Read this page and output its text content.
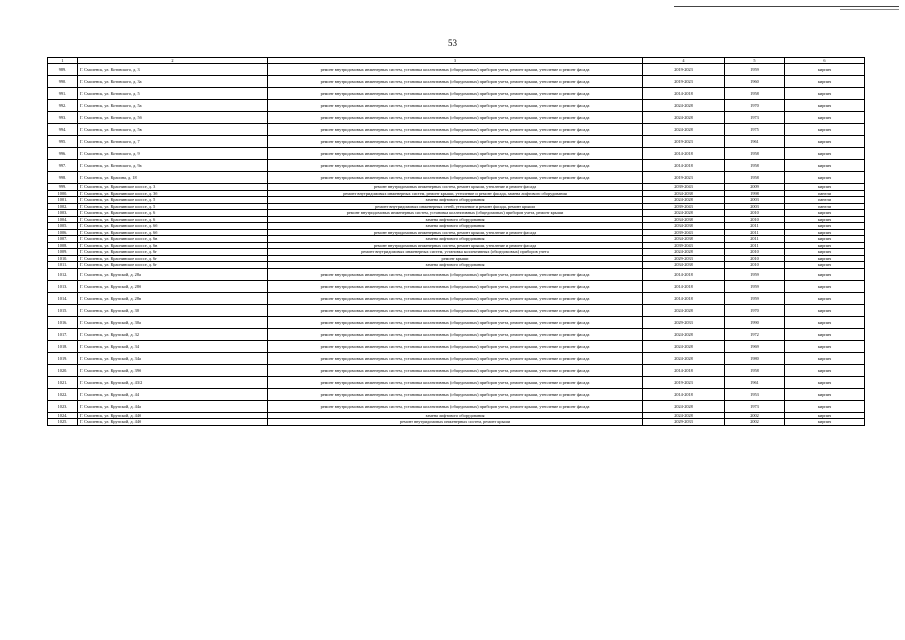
53
1	2	3	4	5	6
989.	Г. Смоленск, ул. Котовского, д. 3	ремонт внутридомовых инженерных систем, установка коллективных (общедомовых) приборов учета, ремонт крыши, утепление и ремонт фасада	2019-2023	1959	кирпич
990.	Г. Смоленск, ул. Котовского, д. 3а	ремонт внутридомовых инженерных систем, установка коллективных (общедомовых) приборов учета, ремонт крыши, утепление и ремонт фасада	2019-2023	1960	кирпич
991.	Г. Смоленск, ул. Котовского, д. 5	ремонт внутридомовых инженерных систем, установка коллективных (общедомовых) приборов учета, ремонт крыши, утепление и ремонт фасада	2014-2018	1958	кирпич
992.	Г. Смоленск, ул. Котовского, д. 5а	ремонт внутридомовых инженерных систем, установка коллективных (общедомовых) приборов учета, ремонт крыши, утепление и ремонт фасада	2024-2028	1970	кирпич
993.	Г. Смоленск, ул. Котовского, д. 5б	ремонт внутридомовых инженерных систем, установка коллективных (общедомовых) приборов учета, ремонт крыши, утепление и ремонт фасада	2024-2028	1973	кирпич
994.	Г. Смоленск, ул. Котовского, д. 5в	ремонт внутридомовых инженерных систем, установка коллективных (общедомовых) приборов учета, ремонт крыши, утепление и ремонт фасада	2024-2028	1975	кирпич
995.	Г. Смоленск, ул. Котовского, д. 7	ремонт внутридомовых инженерных систем, установка коллективных (общедомовых) приборов учета, ремонт крыши, утепление и ремонт фасада	2019-2023	1961	кирпич
996.	Г. Смоленск, ул. Котовского, д. 9	ремонт внутридомовых инженерных систем, установка коллективных (общедомовых) приборов учета, ремонт крыши, утепление и ремонт фасада	2014-2018	1958	кирпич
997.	Г. Смоленск, ул. Котовского, д. 9а	ремонт внутридомовых инженерных систем, установка коллективных (общедомовых) приборов учета, ремонт крыши, утепление и ремонт фасада	2014-2018	1958	кирпич
998.	Г. Смоленск, ул. Красина, д. 18	ремонт внутридомовых инженерных систем, установка коллективных (общедомовых) приборов учета, ремонт крыши, утепление и ремонт фасада	2019-2023	1958	кирпич
999.	Г. Смоленск, ул. Краснинское шоссе, д. 3	ремонт внутридомовых инженерных систем, ремонт крыши, утепление и ремонт фасада	2039-2043	2009	кирпич
1000.	Г. Смоленск, ул. Краснинское шоссе, д. 3б	ремонт внутридомовых инженерных систем, ремонт крыши, утепление и ремонт фасада, замена лифтового оборудования	2034-2038	1998	панели
1001.	Г. Смоленск, ул. Краснинское шоссе, д. 5	замена лифтового оборудования	2024-2028	2003	панели
1002.	Г. Смоленск, ул. Краснинское шоссе, д. 5	ремонт внутридомовых инженерных сетей, утепление и ремонт фасада, ремонт крыши	2039-2043	2003	панели
1003.	Г. Смоленск, ул. Краснинское шоссе, д. 6	ремонт внутридомовых инженерных систем, установка коллективных (общедомовых) приборов учета, ремонт крыши	2024-2028	2010	кирпич
1004.	Г. Смоленск, ул. Краснинское шоссе, д. 6	замена лифтового оборудования	2034-2038	2010	кирпич
1005.	Г. Смоленск, ул. Краснинское шоссе, д. 6б	замена лифтового оборудования	2034-2038	2011	кирпич
1006.	Г. Смоленск, ул. Краснинское шоссе, д. 6б	ремонт внутридомовых инженерных систем, ремонт крыши, утепление и ремонт фасада	2039-2043	2011	кирпич
1007.	Г. Смоленск, ул. Краснинское шоссе, д. 6в	замена лифтового оборудования	2034-2038	2011	кирпич
1008.	Г. Смоленск, ул. Краснинское шоссе, д. 6в	ремонт внутридомовых инженерных систем, ремонт крыши, утепление и ремонт фасада	2039-2043	2011	кирпич
1009.	Г. Смоленск, ул. Краснинское шоссе, д. 6г	ремонт внутридомовых инженерных систем, установка коллективных (общедомовых) приборов учета	2024-2028	2010	кирпич
1010.	Г. Смоленск, ул. Краснинское шоссе, д. 6г	ремонт крыши	2029-2033	2010	кирпич
1011.	Г. Смоленск, ул. Краснинское шоссе, д. 6г	замена лифтового оборудования	2034-2038	2010	кирпич
1012.	Г. Смоленск, ул. Крупской, д. 28а	ремонт внутридомовых инженерных систем, установка коллективных (общедомовых) приборов учета, ремонт крыши, утепление и ремонт фасада	2014-2018	1959	кирпич
1013.	Г. Смоленск, ул. Крупской, д. 28б	ремонт внутридомовых инженерных систем, установка коллективных (общедомовых) приборов учета, ремонт крыши, утепление и ремонт фасада	2014-2018	1959	кирпич
1014.	Г. Смоленск, ул. Крупской, д. 28в	ремонт внутридомовых инженерных систем, установка коллективных (общедомовых) приборов учета, ремонт крыши, утепление и ремонт фасада	2014-2018	1959	кирпич
1015.	Г. Смоленск, ул. Крупской, д. 30	ремонт внутридомовых инженерных систем, установка коллективных (общедомовых) приборов учета, ремонт крыши, утепление и ремонт фасада	2024-2028	1970	кирпич
1016.	Г. Смоленск, ул. Крупской, д. 30а	ремонт внутридомовых инженерных систем, установка коллективных (общедомовых) приборов учета, ремонт крыши, утепление и ремонт фасада	2029-2033	1990	кирпич
1017.	Г. Смоленск, ул. Крупской, д. 32	ремонт внутридомовых инженерных систем, установка коллективных (общедомовых) приборов учета, ремонт крыши, утепление и ремонт фасада	2024-2028	1972	кирпич
1018.	Г. Смоленск, ул. Крупской, д. 34	ремонт внутридомовых инженерных систем, установка коллективных (общедомовых) приборов учета, ремонт крыши, утепление и ремонт фасада	2024-2028	1969	кирпич
1019.	Г. Смоленск, ул. Крупской, д. 34а	ремонт внутридомовых инженерных систем, установка коллективных (общедомовых) приборов учета, ремонт крыши, утепление и ремонт фасада	2024-2028	1980	кирпич
1020.	Г. Смоленск, ул. Крупской, д. 39б	ремонт внутридомовых инженерных систем, установка коллективных (общедомовых) приборов учета, ремонт крыши, утепление и ремонт фасада	2014-2018	1958	кирпич
1021.	Г. Смоленск, ул. Крупской, д. 43/2	ремонт внутридомовых инженерных систем, установка коллективных (общедомовых) приборов учета, ремонт крыши, утепление и ремонт фасада	2019-2023	1961	кирпич
1022.	Г. Смоленск, ул. Крупской, д. 44	ремонт внутридомовых инженерных систем, установка коллективных (общедомовых) приборов учета, ремонт крыши, утепление и ремонт фасада	2014-2018	1953	кирпич
1023.	Г. Смоленск, ул. Крупской, д. 44а	ремонт внутридомовых инженерных систем, установка коллективных (общедомовых) приборов учета, ремонт крыши, утепление и ремонт фасада	2024-2028	1973	кирпич
1024.	Г. Смоленск, ул. Крупской, д. 44б	замена лифтового оборудования	2024-2028	2002	кирпич
1025.	Г. Смоленск, ул. Крупской, д. 44б	ремонт внутридомовых инженерных систем, ремонт крыши	2029-2033	2002	кирпич
